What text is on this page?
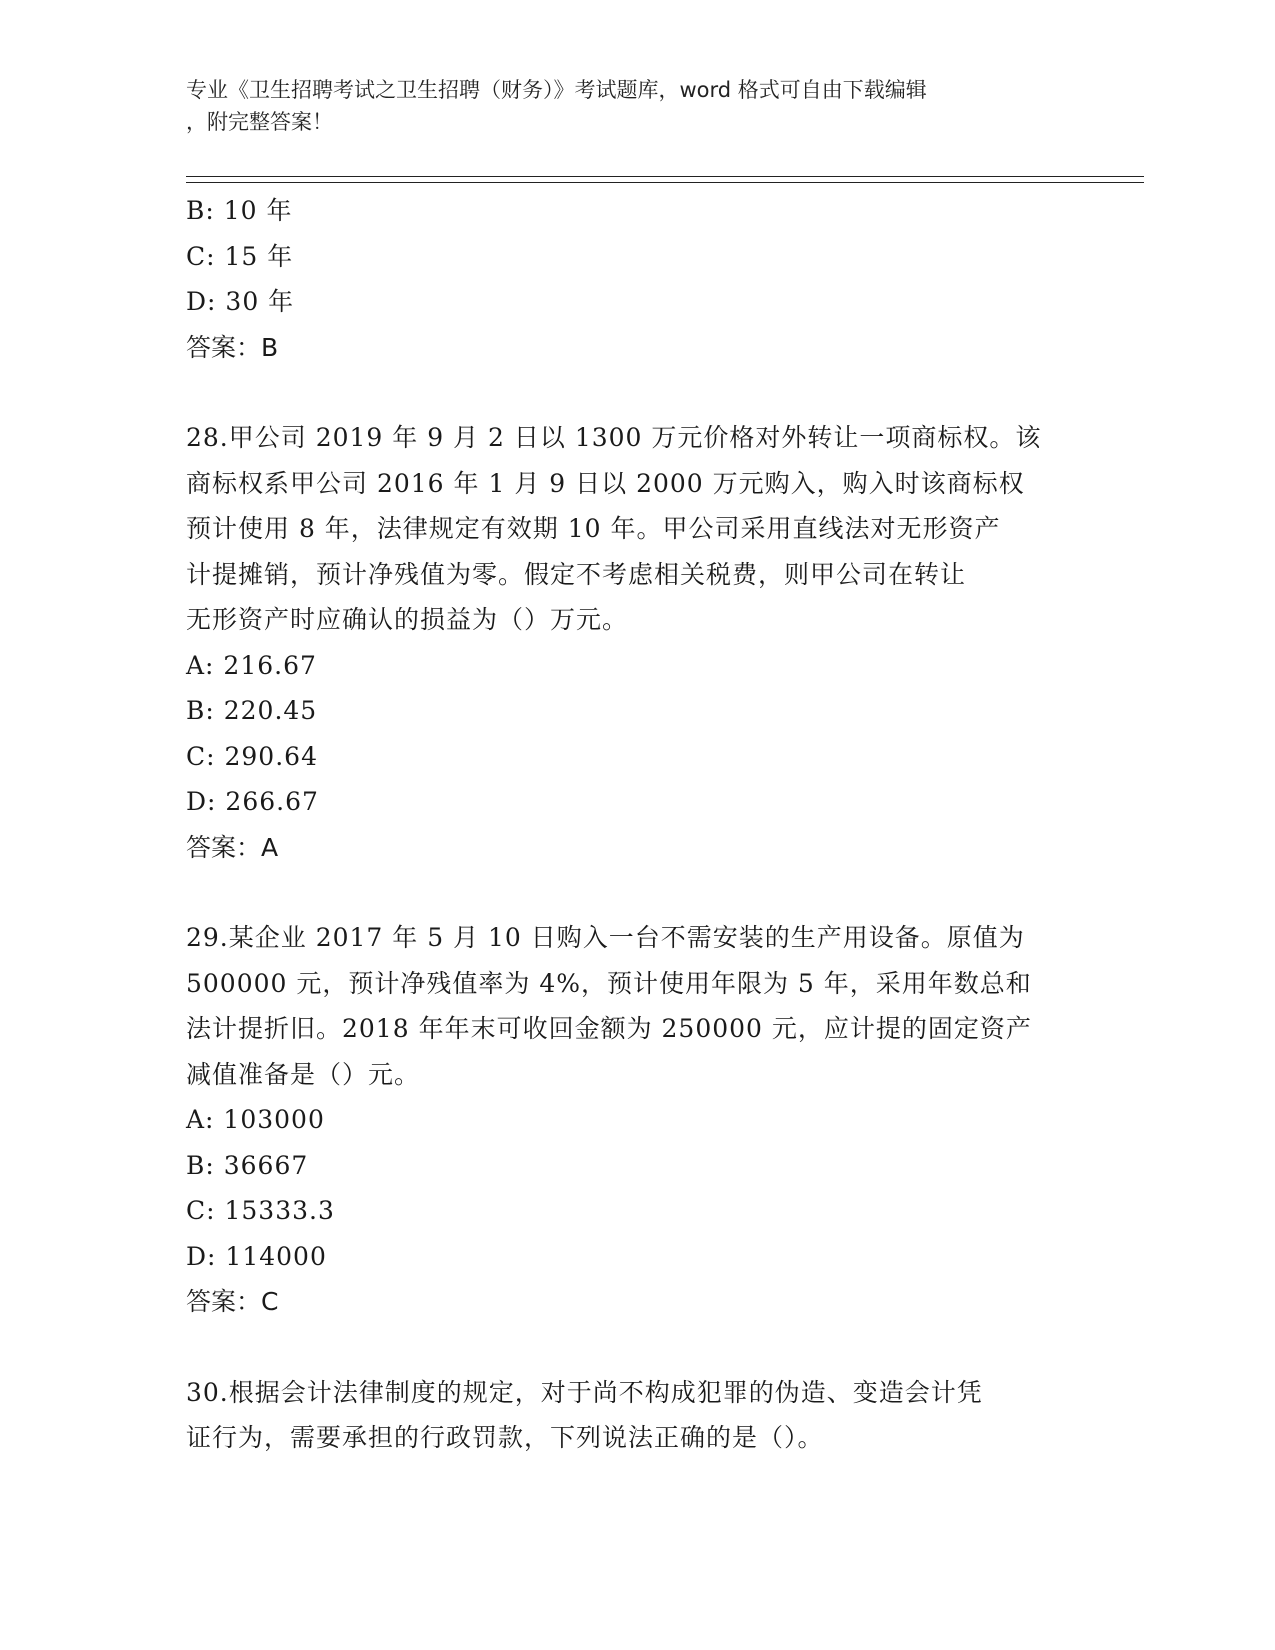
专业《卫生招聘考试之卫生招聘（财务）》考试题库，word 格式可自由下载编辑
，附完整答案！
B: 10 年
C: 15 年
D: 30 年
答案：B
28.甲公司 2019 年 9 月 2 日以 1300 万元价格对外转让一项商标权。该
商标权系甲公司 2016 年 1 月 9 日以 2000 万元购入，购入时该商标权
预计使用 8 年，法律规定有效期 10 年。甲公司采用直线法对无形资产
计提摊销，预计净残值为零。假定不考虑相关税费，则甲公司在转让
无形资产时应确认的损益为（）万元。
A: 216.67
B: 220.45
C: 290.64
D: 266.67
答案：A
29.某企业 2017 年 5 月 10 日购入一台不需安装的生产用设备。原值为
500000 元，预计净残值率为 4%，预计使用年限为 5 年，采用年数总和
法计提折旧。2018 年年末可收回金额为 250000 元，应计提的固定资产
减值准备是（）元。
A: 103000
B: 36667
C: 15333.3
D: 114000
答案：C
30.根据会计法律制度的规定，对于尚不构成犯罪的伪造、变造会计凭
证行为，需要承担的行政罚款，下列说法正确的是（）。
